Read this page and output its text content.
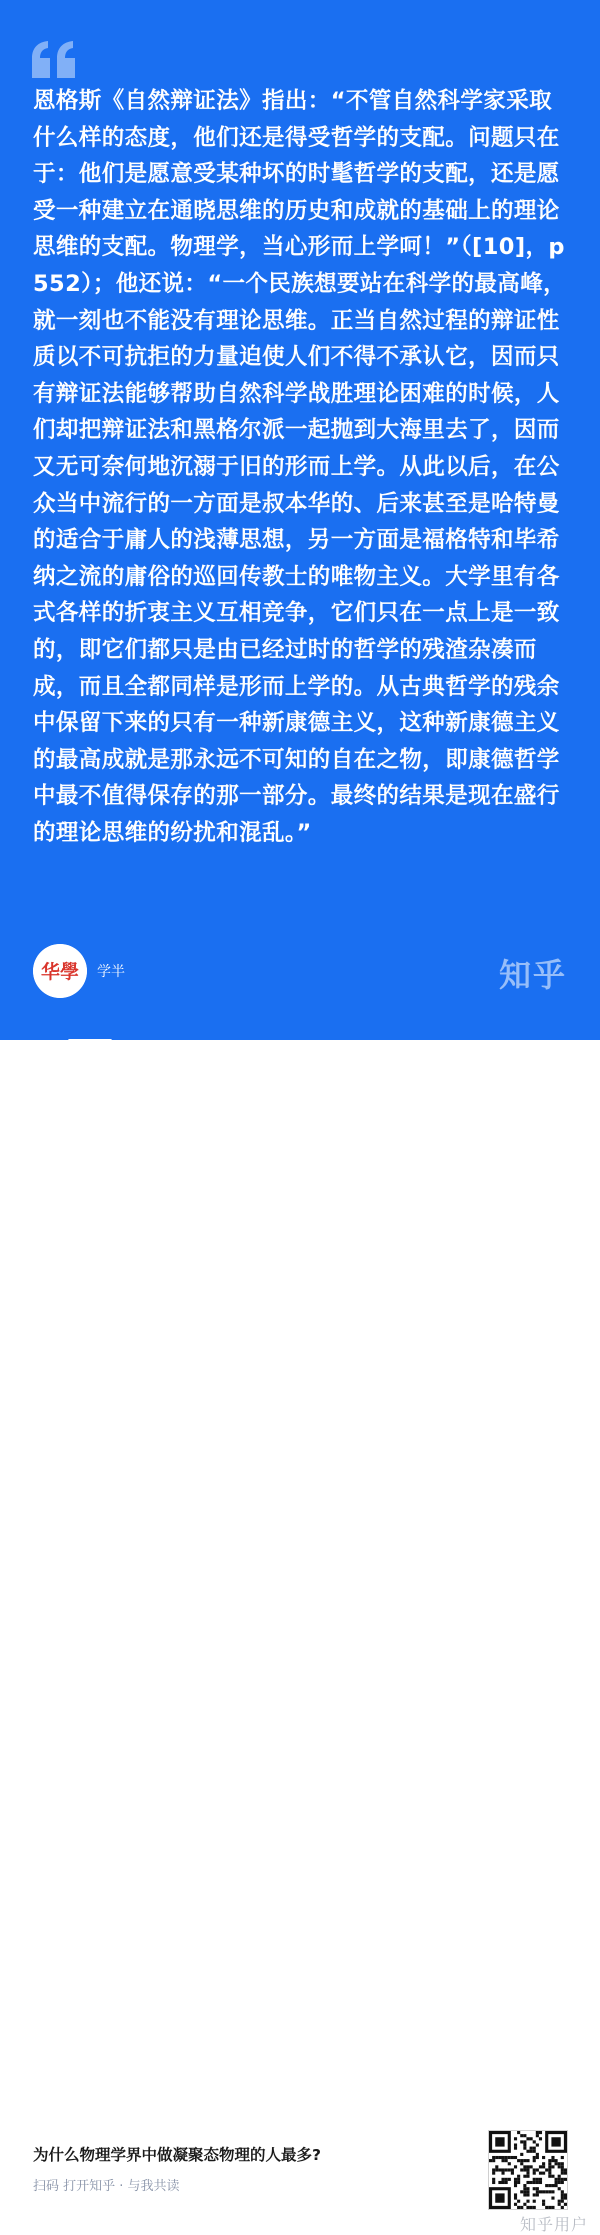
恩格斯《自然辩证法》指出：“不管自然科学家采取什么样的态度，他们还是得受哲学的支配。问题只在于：他们是愿意受某种坏的时髦哲学的支配，还是愿受一种建立在通晓思维的历史和成就的基础上的理论思维的支配。物理学，当心形而上学呵！”（[10]，p552）；他还说：“一个民族想要站在科学的最高峰，就一刻也不能没有理论思维。正当自然过程的辩证性质以不可抗拒的力量迫使人们不得不承认它，因而只有辩证法能够帮助自然科学战胜理论困难的时候，人们却把辩证法和黑格尔派一起抛到大海里去了，因而又无可奈何地沉溺于旧的形而上学。从此以后，在公众当中流行的一方面是叔本华的、后来甚至是哈特曼的适合于庸人的浅薄思想，另一方面是福格特和毕希纳之流的庸俗的巡回传教士的唯物主义。大学里有各式各样的折衷主义互相竞争，它们只在一点上是一致的，即它们都只是由已经过时的哲学的残渣杂凑而成，而且全都同样是形而上学的。从古典哲学的残余中保留下来的只有一种新康德主义，这种新康德主义的最高成就是那永远不可知的自在之物，即康德哲学中最不值得保存的那一部分。最终的结果是现在盛行的理论思维的纷扰和混乱。”
华學 学半	知乎
为什么物理学界中做凝聚态物理的人最多?
扫码 打开知乎 · 与我共读
知乎用户
